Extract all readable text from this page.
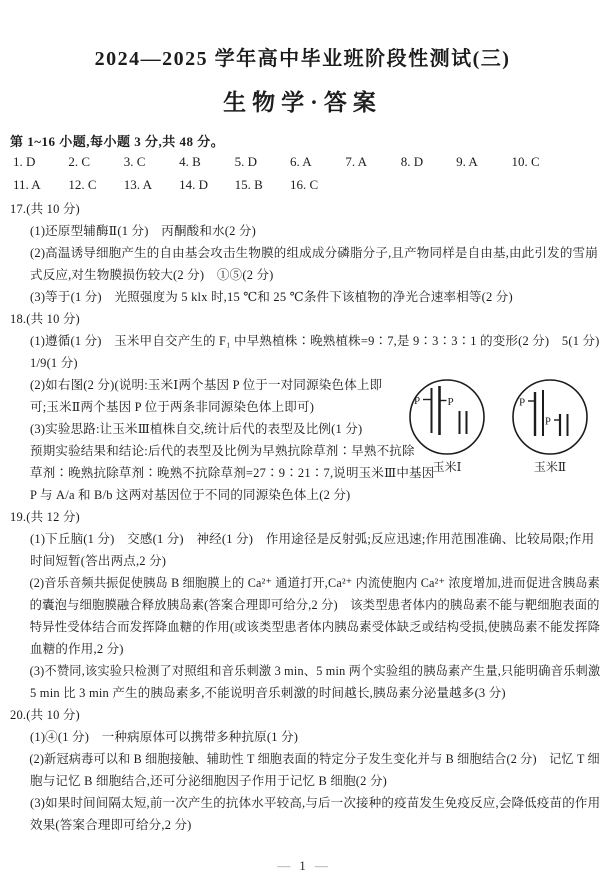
2024—2025 学年高中毕业班阶段性测试(三)
生物学·答案
第 1~16 小题,每小题 3 分,共 48 分。
1. D	2. C	3. C	4. B	5. D	6. A	7. A	8. D	9. A	10. C
11. A 12. C 13. A 14. D 15. B 16. C
17.(共 10 分)
(1)还原型辅酶Ⅱ(1 分)　丙酮酸和水(2 分)
(2)高温诱导细胞产生的自由基会攻击生物膜的组成成分磷脂分子,且产物同样是自由基,由此引发的雪崩
式反应,对生物膜损伤较大(2 分)　①⑤(2 分)
(3)等于(1 分)　光照强度为 5 klx 时,15 ℃和 25 ℃条件下该植物的净光合速率相等(2 分)
18.(共 10 分)
(1)遵循(1 分)　玉米甲自交产生的 F₁ 中早熟植株∶晚熟植株=9∶7,是 9∶3∶3∶1 的变形(2 分)　5(1 分)
1/9(1 分)
(2)如右图(2 分)(说明:玉米Ⅰ两个基因 P 位于一对同源染色体上即
可;玉米Ⅱ两个基因 P 位于两条非同源染色体上即可)
(3)实验思路:让玉米Ⅲ植株自交,统计后代的表型及比例(1 分)
预期实验结果和结论:后代的表型及比例为早熟抗除草剂∶早熟不抗除
草剂∶晚熟抗除草剂∶晚熟不抗除草剂=27∶9∶21∶7,说明玉米Ⅲ中基因
P 与 A/a 和 B/b 这两对基因位于不同的同源染色体上(2 分)
19.(共 12 分)
(1)下丘脑(1 分)　交感(1 分)　神经(1 分)　作用途径是反射弧;反应迅速;作用范围准确、比较局限;作用
时间短暂(答出两点,2 分)
(2)音乐音频共振促使胰岛 B 细胞膜上的 Ca²⁺ 通道打开,Ca²⁺ 内流使胞内 Ca²⁺ 浓度增加,进而促进含胰岛素
的囊泡与细胞膜融合释放胰岛素(答案合理即可给分,2 分)　该类型患者体内的胰岛素不能与靶细胞表面的
特异性受体结合而发挥降血糖的作用(或该类型患者体内胰岛素受体缺乏或结构受损,使胰岛素不能发挥降
血糖的作用,2 分)
(3)不赞同,该实验只检测了对照组和音乐刺激 3 min、5 min 两个实验组的胰岛素产生量,只能明确音乐刺激
5 min 比 3 min 产生的胰岛素多,不能说明音乐刺激的时间越长,胰岛素分泌量越多(3 分)
20.(共 10 分)
(1)④(1 分)　一种病原体可以携带多种抗原(1 分)
(2)新冠病毒可以和 B 细胞接触、辅助性 T 细胞表面的特定分子发生变化并与 B 细胞结合(2 分)　记忆 T 细
胞与记忆 B 细胞结合,还可分泌细胞因子作用于记忆 B 细胞(2 分)
(3)如果时间间隔太短,前一次产生的抗体水平较高,与后一次接种的疫苗发生免疫反应,会降低疫苗的作用
效果(答案合理即可给分,2 分)
P P
玉米Ⅰ
P
P
玉米Ⅱ
— 1 —
